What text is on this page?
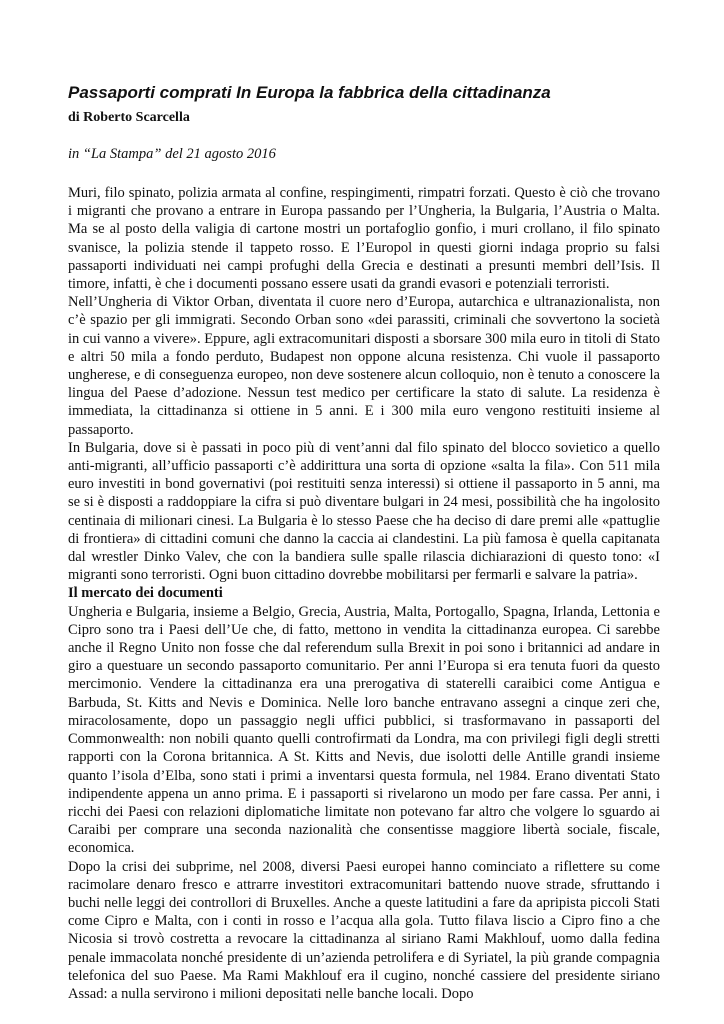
Passaporti comprati In Europa la fabbrica della cittadinanza
di Roberto Scarcella
in “La Stampa” del 21 agosto 2016

Muri, filo spinato, polizia armata al confine, respingimenti, rimpatri forzati. Questo è ciò che trovano i migranti che provano a entrare in Europa passando per l’Ungheria, la Bulgaria, l’Austria o Malta. Ma se al posto della valigia di cartone mostri un portafoglio gonfio, i muri crollano, il filo spinato svanisce, la polizia stende il tappeto rosso. E l’Europol in questi giorni indaga proprio su falsi passaporti individuati nei campi profughi della Grecia e destinati a presunti membri dell’Isis. Il timore, infatti, è che i documenti possano essere usati da grandi evasori e potenziali terroristi.

Nell’Ungheria di Viktor Orban, diventata il cuore nero d’Europa, autarchica e ultranazionalista, non c’è spazio per gli immigrati. Secondo Orban sono «dei parassiti, criminali che sovvertono la società in cui vanno a vivere». Eppure, agli extracomunitari disposti a sborsare 300 mila euro in titoli di Stato e altri 50 mila a fondo perduto, Budapest non oppone alcuna resistenza. Chi vuole il passaporto ungherese, e di conseguenza europeo, non deve sostenere alcun colloquio, non è tenuto a conoscere la lingua del Paese d’adozione. Nessun test medico per certificare la stato di salute. La residenza è immediata, la cittadinanza si ottiene in 5 anni. E i 300 mila euro vengono restituiti insieme al passaporto.

In Bulgaria, dove si è passati in poco più di vent’anni dal filo spinato del blocco sovietico a quello anti-migranti, all’ufficio passaporti c’è addirittura una sorta di opzione «salta la fila». Con 511 mila euro investiti in bond governativi (poi restituiti senza interessi) si ottiene il passaporto in 5 anni, ma se si è disposti a raddoppiare la cifra si può diventare bulgari in 24 mesi, possibilità che ha ingolosito centinaia di milionari cinesi. La Bulgaria è lo stesso Paese che ha deciso di dare premi alle «pattuglie di frontiera» di cittadini comuni che danno la caccia ai clandestini. La più famosa è quella capitanata dal wrestler Dinko Valev, che con la bandiera sulle spalle rilascia dichiarazioni di questo tono: «I migranti sono terroristi. Ogni buon cittadino dovrebbe mobilitarsi per fermarli e salvare la patria».

Il mercato dei documenti

Ungheria e Bulgaria, insieme a Belgio, Grecia, Austria, Malta, Portogallo, Spagna, Irlanda, Lettonia e Cipro sono tra i Paesi dell’Ue che, di fatto, mettono in vendita la cittadinanza europea. Ci sarebbe anche il Regno Unito non fosse che dal referendum sulla Brexit in poi sono i britannici ad andare in giro a questuare un secondo passaporto comunitario. Per anni l’Europa si era tenuta fuori da questo mercimonio. Vendere la cittadinanza era una prerogativa di staterelli caraibici come Antigua e Barbuda, St. Kitts and Nevis e Dominica. Nelle loro banche entravano assegni a cinque zeri che, miracolosamente, dopo un passaggio negli uffici pubblici, si trasformavano in passaporti del Commonwealth: non nobili quanto quelli controfirmati da Londra, ma con privilegi figli degli stretti rapporti con la Corona britannica. A St. Kitts and Nevis, due isolotti delle Antille grandi insieme quanto l’isola d’Elba, sono stati i primi a inventarsi questa formula, nel 1984. Erano diventati Stato indipendente appena un anno prima. E i passaporti si rivelarono un modo per fare cassa. Per anni, i ricchi dei Paesi con relazioni diplomatiche limitate non potevano far altro che volgere lo sguardo ai Caraibi per comprare una seconda nazionalità che consentisse maggiore libertà sociale, fiscale, economica.

Dopo la crisi dei subprime, nel 2008, diversi Paesi europei hanno cominciato a riflettere su come racimolare denaro fresco e attrarre investitori extracomunitari battendo nuove strade, sfruttando i buchi nelle leggi dei controllori di Bruxelles. Anche a queste latitudini a fare da apripista piccoli Stati come Cipro e Malta, con i conti in rosso e l’acqua alla gola. Tutto filava liscio a Cipro fino a che Nicosia si trovò costretta a revocare la cittadinanza al siriano Rami Makhlouf, uomo dalla fedina penale immacolata nonché presidente di un’azienda petrolifera e di Syriatel, la più grande compagnia telefonica del suo Paese. Ma Rami Makhlouf era il cugino, nonché cassiere del presidente siriano Assad: a nulla servirono i milioni depositati nelle banche locali. Dopo
